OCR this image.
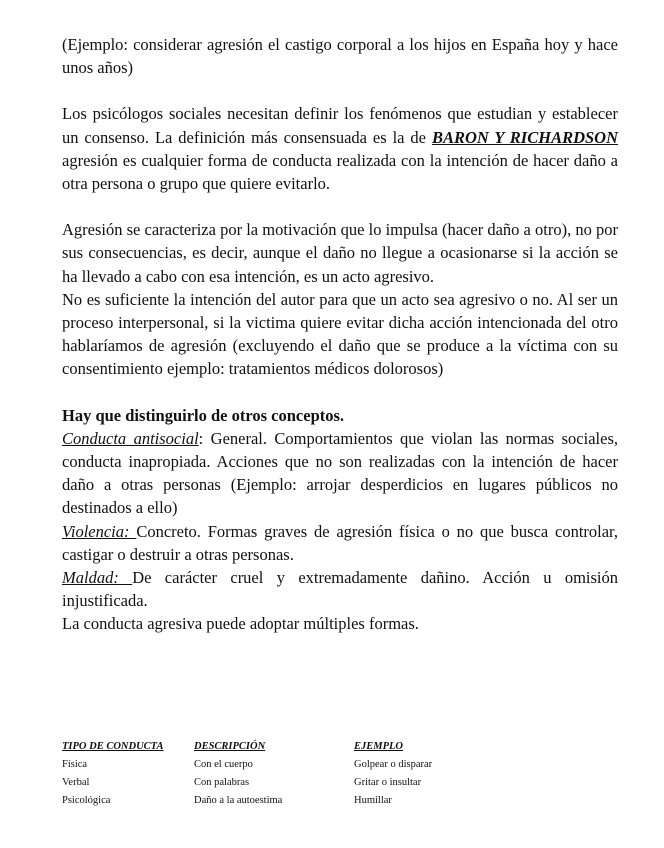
(Ejemplo: considerar agresión el castigo corporal a los hijos en España hoy y hace unos años)

Los psicólogos sociales necesitan definir los fenómenos que estudian y establecer un consenso. La definición más consensuada es la de BARON Y RICHARDSON agresión es cualquier forma de conducta realizada con la intención de hacer daño a otra persona o grupo que quiere evitarlo.

Agresión se caracteriza por la motivación que lo impulsa (hacer daño a otro), no por sus consecuencias, es decir, aunque el daño no llegue a ocasionarse si la acción se ha llevado a cabo con esa intención, es un acto agresivo.

No es suficiente la intención del autor para que un acto sea agresivo o no. Al ser un proceso interpersonal, si la victima quiere evitar dicha acción intencionada del otro hablaríamos de agresión (excluyendo el daño que se produce a la víctima con su consentimiento ejemplo: tratamientos médicos dolorosos)

Hay que distinguirlo de otros conceptos.

Conducta antisocial: General. Comportamientos que violan las normas sociales, conducta inapropiada. Acciones que no son realizadas con la intención de hacer daño a otras personas (Ejemplo: arrojar desperdicios en lugares públicos no destinados a ello)

Violencia: Concreto. Formas graves de agresión física o no que busca controlar, castigar o destruir a otras personas.

Maldad: De carácter cruel y extremadamente dañino. Acción u omisión injustificada.

La conducta agresiva puede adoptar múltiples formas.

TIPO DE CONDUCTA	DESCRIPCIÓN	EJEMPLO
Física	Con el cuerpo	Golpear o disparar
Verbal	Con palabras	Gritar o insultar
Psicológica	Daño a la autoestima	Humillar
